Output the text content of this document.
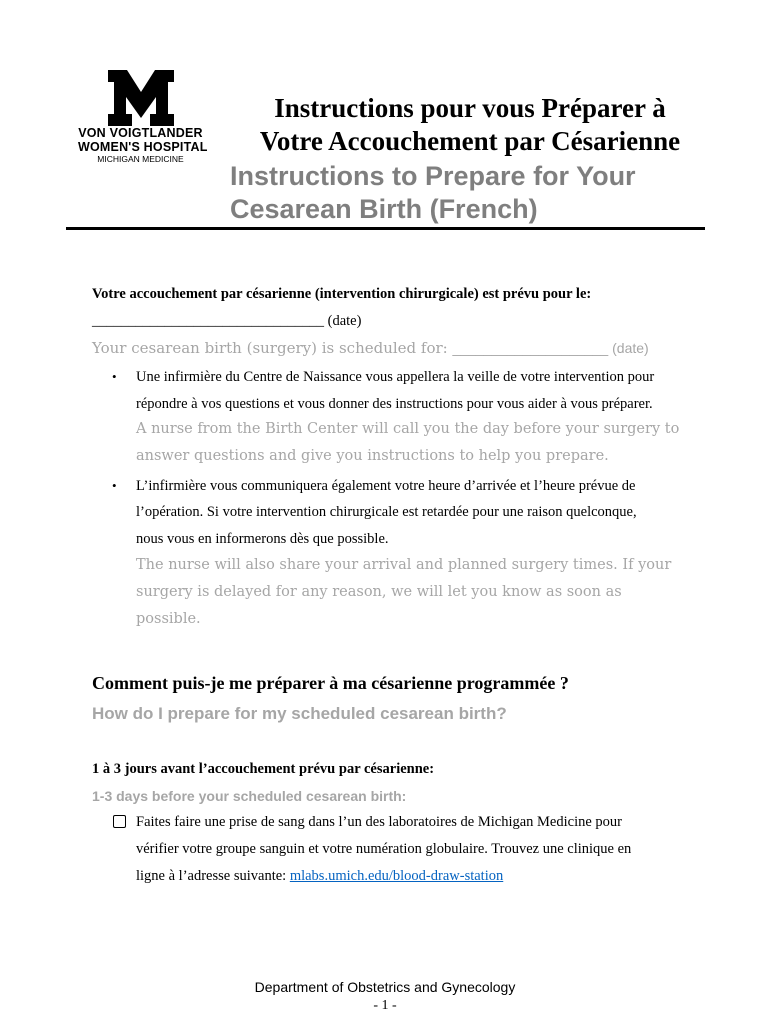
VON VOIGTLANDER
WOMEN'S HOSPITAL
MICHIGAN MEDICINE
Instructions pour vous Préparer à
Votre Accouchement par Césarienne
Instructions to Prepare for Your
Cesarean Birth (French)
Votre accouchement par césarienne (intervention chirurgicale) est prévu pour le:
________________________________ (date)
Your cesarean birth (surgery) is scheduled for: ____________________ (date)
• Une infirmière du Centre de Naissance vous appellera la veille de votre intervention pour
répondre à vos questions et vous donner des instructions pour vous aider à vous préparer.
A nurse from the Birth Center will call you the day before your surgery to
answer questions and give you instructions to help you prepare.
• L’infirmière vous communiquera également votre heure d’arrivée et l’heure prévue de
l’opération. Si votre intervention chirurgicale est retardée pour une raison quelconque,
nous vous en informerons dès que possible.
The nurse will also share your arrival and planned surgery times. If your
surgery is delayed for any reason, we will let you know as soon as
possible.
Comment puis-je me préparer à ma césarienne programmée ?
How do I prepare for my scheduled cesarean birth?
1 à 3 jours avant l’accouchement prévu par césarienne:
1-3 days before your scheduled cesarean birth:
Faites faire une prise de sang dans l’un des laboratoires de Michigan Medicine pour
vérifier votre groupe sanguin et votre numération globulaire. Trouvez une clinique en
ligne à l’adresse suivante: mlabs.umich.edu/blood-draw-station
Department of Obstetrics and Gynecology
- 1 -
